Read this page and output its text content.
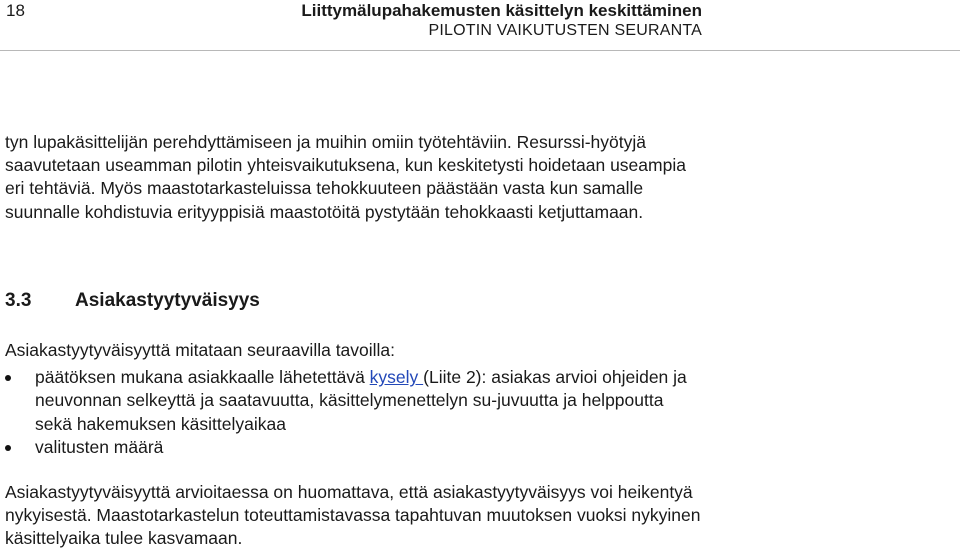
18	Liittymälupahakemusten käsittelyn keskittäminen
PILOTIN VAIKUTUSTEN SEURANTA

tyn lupakäsittelijän perehdyttämiseen ja muihin omiin työtehtäviin. Resurssi-hyötyjä saavutetaan useamman pilotin yhteisvaikutuksena, kun keskitetysti hoidetaan useampia eri tehtäviä. Myös maastotarkasteluissa tehokkuuteen päästään vasta kun samalle suunnalle kohdistuvia erityyppisiä maastotöitä pystytään tehokkaasti ketjuttamaan.

3.3 Asiakastyytyväisyys
Asiakastyytyväisyyttä mitataan seuraavilla tavoilla:
päätöksen mukana asiakkaalle lähetettävä kysely (Liite 2): asiakas arvioi ohjeiden ja neuvonnan selkeyttä ja saatavuutta, käsittelymenettelyn su-juvuutta ja helppoutta sekä hakemuksen käsittelyaikaa
valitusten määrä

Asiakastyytyväisyyttä arvioitaessa on huomattava, että asiakastyytyväisyys voi heikentyä nykyisestä. Maastotarkastelun toteuttamistavassa tapahtuvan muutoksen vuoksi nykyinen käsittelyaika tulee kasvamaan.
